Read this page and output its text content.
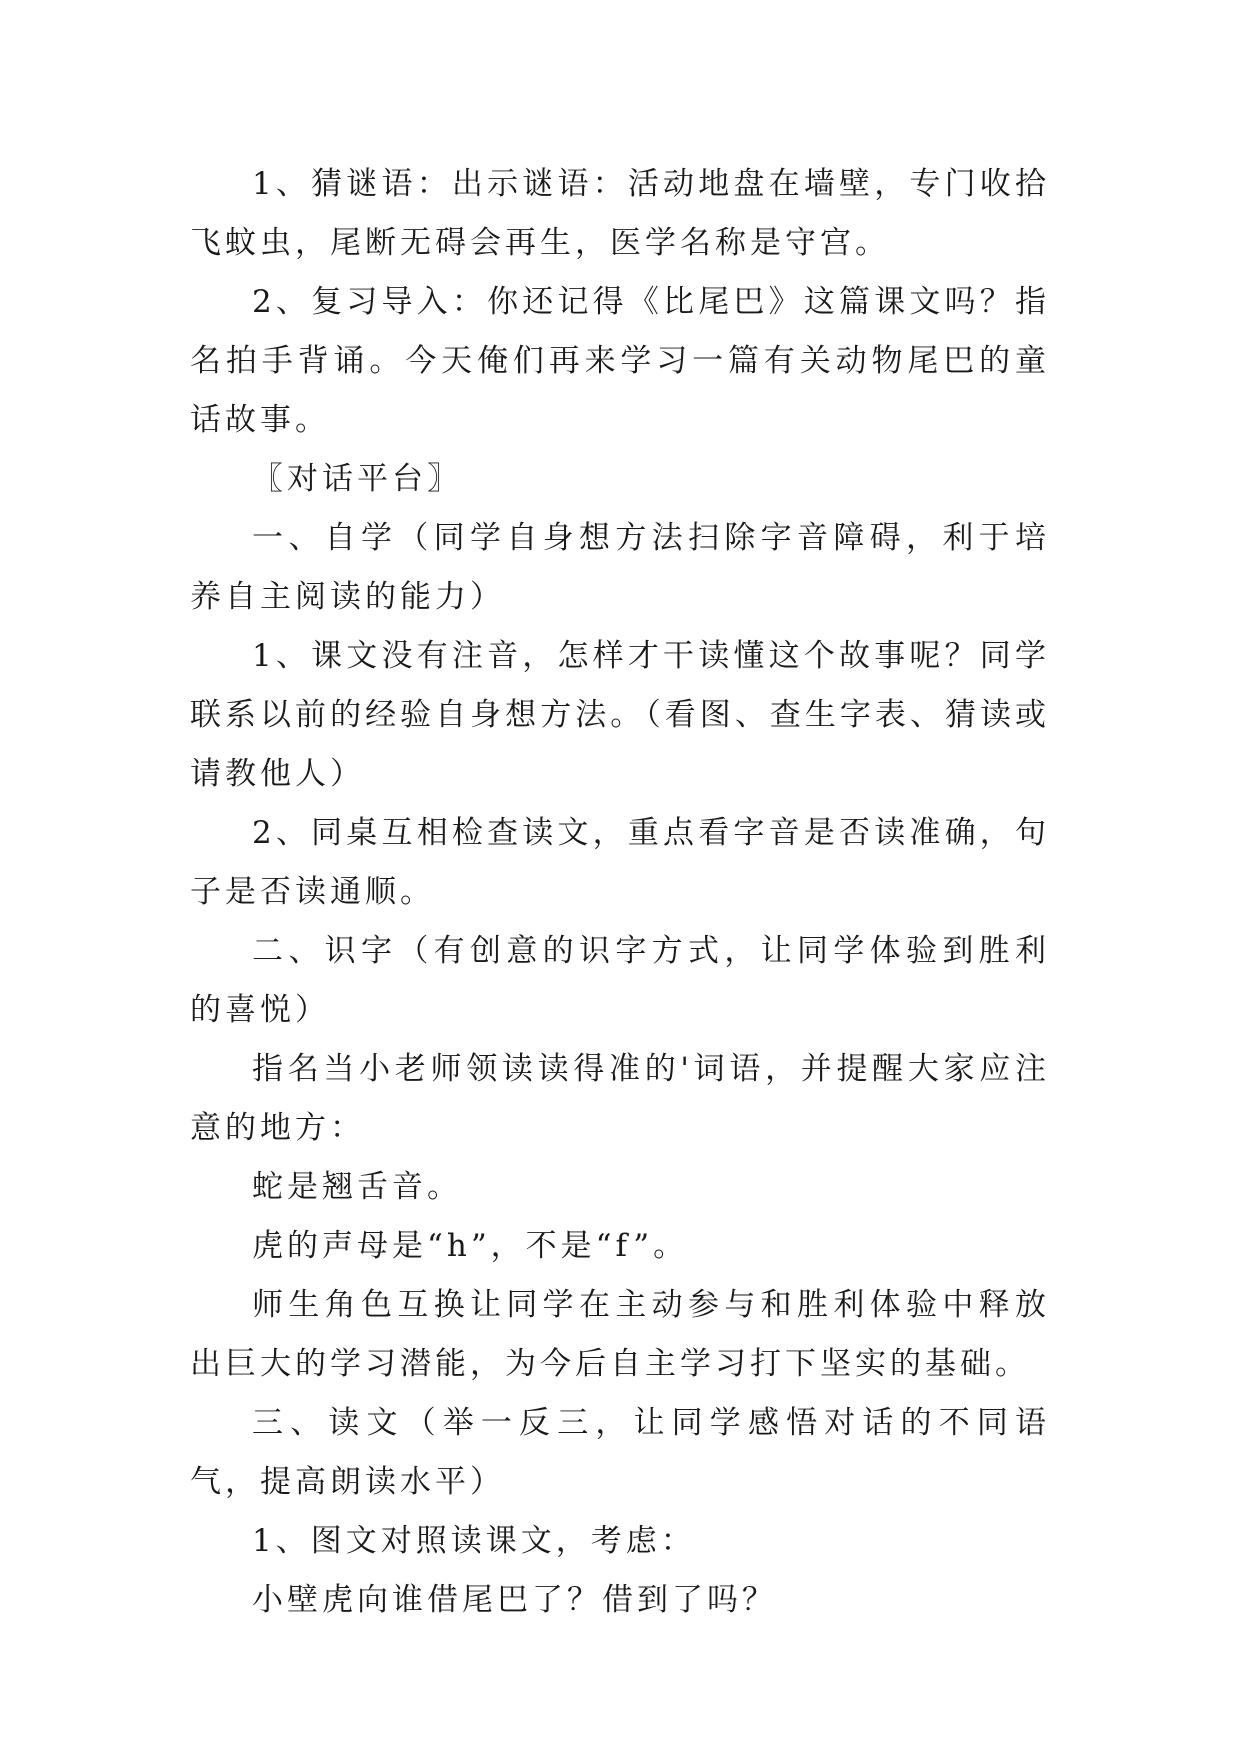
1、猜谜语：出示谜语：活动地盘在墙壁，专门收拾飞蚊虫，尾断无碍会再生，医学名称是守宫。

2、复习导入：你还记得《比尾巴》这篇课文吗？指名拍手背诵。今天俺们再来学习一篇有关动物尾巴的童话故事。

〖对话平台〗

一、自学（同学自身想方法扫除字音障碍，利于培养自主阅读的能力）

1、课文没有注音，怎样才干读懂这个故事呢？同学联系以前的经验自身想方法。（看图、查生字表、猜读或请教他人）

2、同桌互相检查读文，重点看字音是否读准确，句子是否读通顺。

二、识字（有创意的识字方式，让同学体验到胜利的喜悦）

指名当小老师领读读得准的'词语，并提醒大家应注意的地方：

蛇是翘舌音。

虎的声母是“h”，不是“f”。

师生角色互换让同学在主动参与和胜利体验中释放出巨大的学习潜能，为今后自主学习打下坚实的基础。

三、读文（举一反三，让同学感悟对话的不同语气，提高朗读水平）

1、图文对照读课文，考虑：

小壁虎向谁借尾巴了？借到了吗？
